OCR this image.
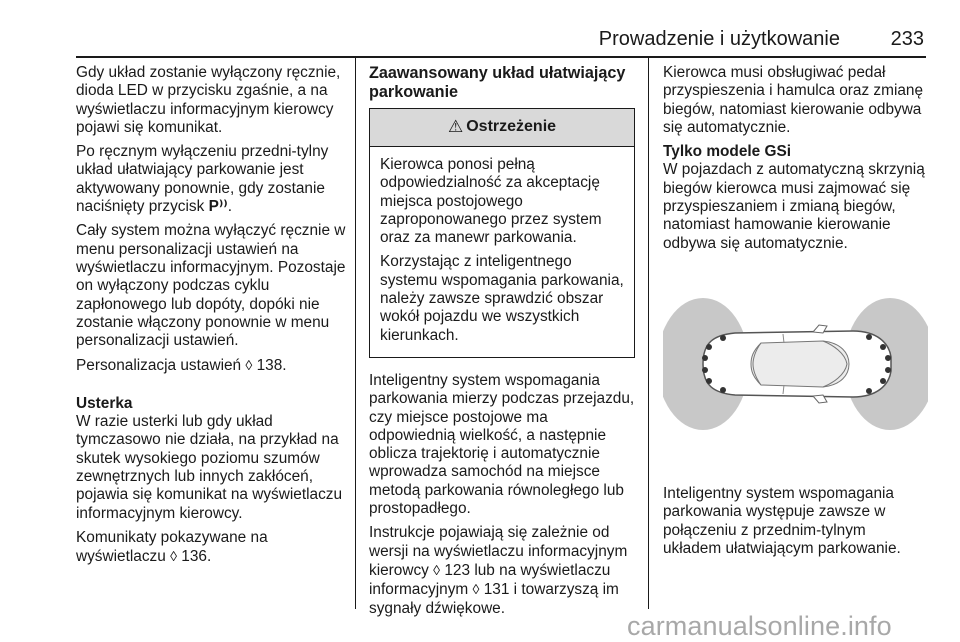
Prowadzenie i użytkowanie	233

Gdy układ zostanie wyłączony ręcznie, dioda LED w przycisku zgaśnie, a na wyświetlaczu informacyjnym kierowcy pojawi się komunikat.

Po ręcznym wyłączeniu przedni-tylny układ ułatwiający parkowanie jest aktywowany ponownie, gdy zostanie naciśnięty przycisk P⁾⁾.

Cały system można wyłączyć ręcznie w menu personalizacji ustawień na wyświetlaczu informacyjnym. Pozostaje on wyłączony podczas cyklu zapłonowego lub dopóty, dopóki nie zostanie włączony ponownie w menu personalizacji ustawień.

Personalizacja ustawień ◊ 138.

Usterka

W razie usterki lub gdy układ tymczasowo nie działa, na przykład na skutek wysokiego poziomu szumów zewnętrznych lub innych zakłóceń, pojawia się komunikat na wyświetlaczu informacyjnym kierowcy.

Komunikaty pokazywane na wyświetlaczu ◊ 136.

Zaawansowany układ ułatwiający parkowanie

⚠ Ostrzeżenie

Kierowca ponosi pełną odpowiedzialność za akceptację miejsca postojowego zaproponowanego przez system oraz za manewr parkowania.

Korzystając z inteligentnego systemu wspomagania parkowania, należy zawsze sprawdzić obszar wokół pojazdu we wszystkich kierunkach.

Inteligentny system wspomagania parkowania mierzy podczas przejazdu, czy miejsce postojowe ma odpowiednią wielkość, a następnie oblicza trajektorię i automatycznie wprowadza samochód na miejsce metodą parkowania równoległego lub prostopadłego.

Instrukcje pojawiają się zależnie od wersji na wyświetlaczu informacyjnym kierowcy ◊ 123 lub na wyświetlaczu informacyjnym ◊ 131 i towarzyszą im sygnały dźwiękowe.

Kierowca musi obsługiwać pedał przyspieszenia i hamulca oraz zmianę biegów, natomiast kierowanie odbywa się automatycznie.

Tylko modele GSi

W pojazdach z automatyczną skrzynią biegów kierowca musi zajmować się przyspieszaniem i zmianą biegów, natomiast hamowanie kierowanie odbywa się automatycznie.

Inteligentny system wspomagania parkowania występuje zawsze w połączeniu z przednim-tylnym układem ułatwiającym parkowanie.

carmanualsonline.info
